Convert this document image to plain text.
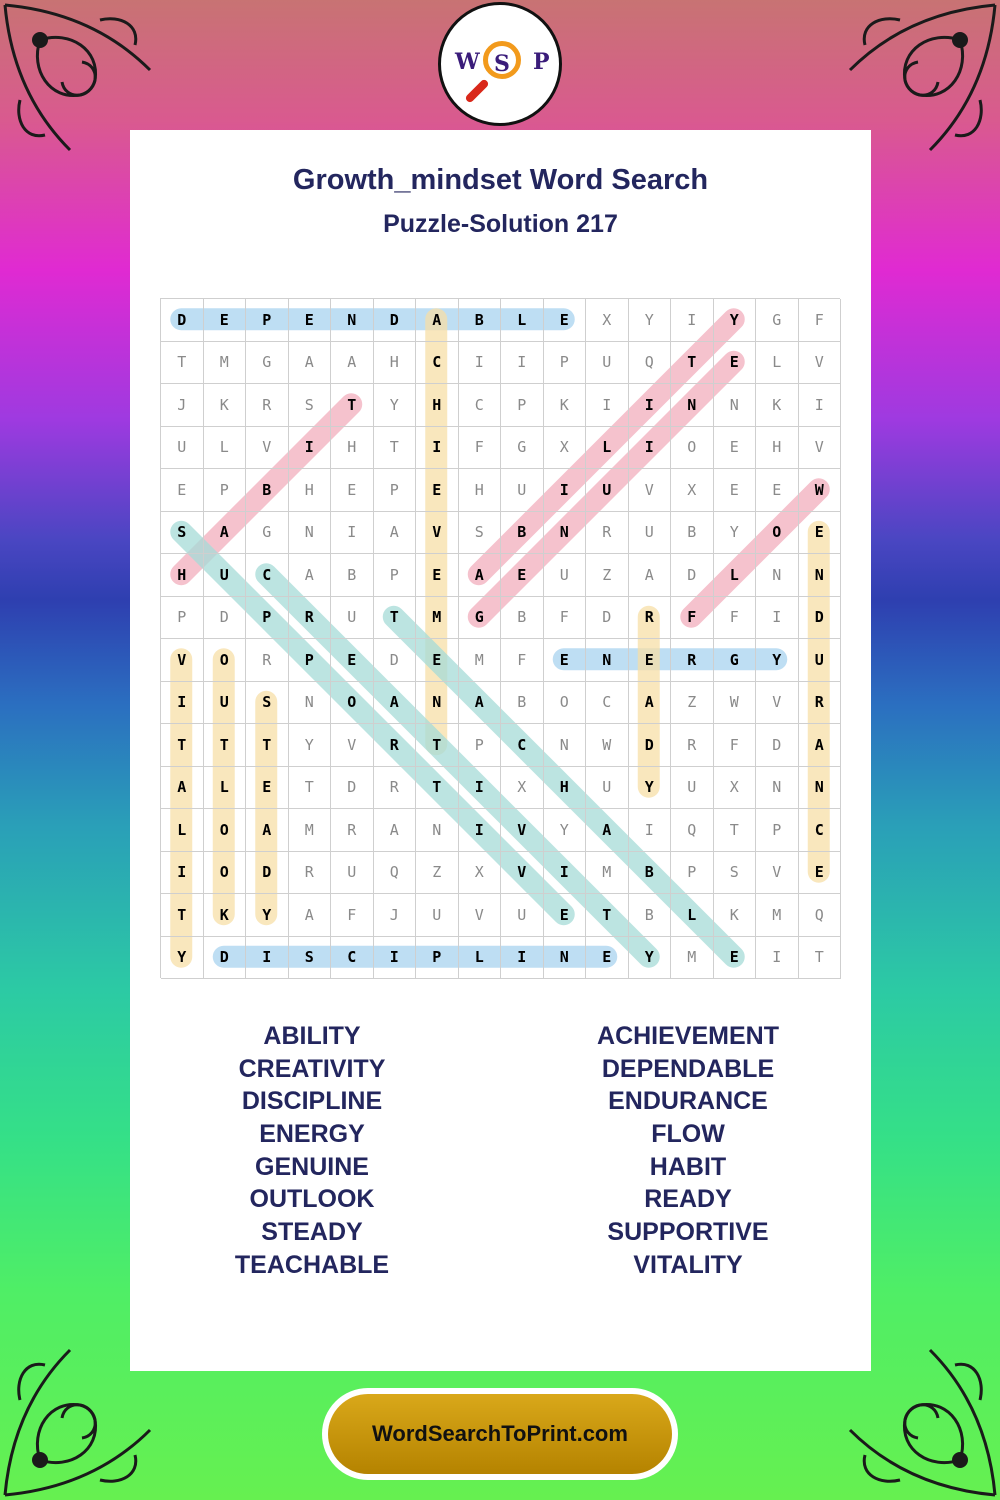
W S P
Growth_mindset Word Search
Puzzle-Solution 217
D	E	P	E	N	D	A	B	L	E	X	Y	I	Y	G	F
T	M	G	A	A	H	C	I	I	P	U	Q	T	E	L	V
J	K	R	S	T	Y	H	C	P	K	I	I	N	N	K	I
U	L	V	I	H	T	I	F	G	X	L	I	O	E	H	V
E	P	B	H	E	P	E	H	U	I	U	V	X	E	E	W
S	A	G	N	I	A	V	S	B	N	R	U	B	Y	O	E
H	U	C	A	B	P	E	A	E	U	Z	A	D	L	N	N
P	D	P	R	U	T	M	G	B	F	D	R	F	F	I	D
V	O	R	P	E	D	E	M	F	E	N	E	R	G	Y	U
I	U	S	N	O	A	N	A	B	O	C	A	Z	W	V	R
T	T	T	Y	V	R	T	P	C	N	W	D	R	F	D	A
A	L	E	T	D	R	T	I	X	H	U	Y	U	X	N	N
L	O	A	M	R	A	N	I	V	Y	A	I	Q	T	P	C
I	O	D	R	U	Q	Z	X	V	I	M	B	P	S	V	E
T	K	Y	A	F	J	U	V	U	E	T	B	L	K	M	Q
Y	D	I	S	C	I	P	L	I	N	E	Y	M	E	I	T
ABILITY
CREATIVITY
DISCIPLINE
ENERGY
GENUINE
OUTLOOK
STEADY
TEACHABLE
ACHIEVEMENT
DEPENDABLE
ENDURANCE
FLOW
HABIT
READY
SUPPORTIVE
VITALITY
WordSearchToPrint.com
